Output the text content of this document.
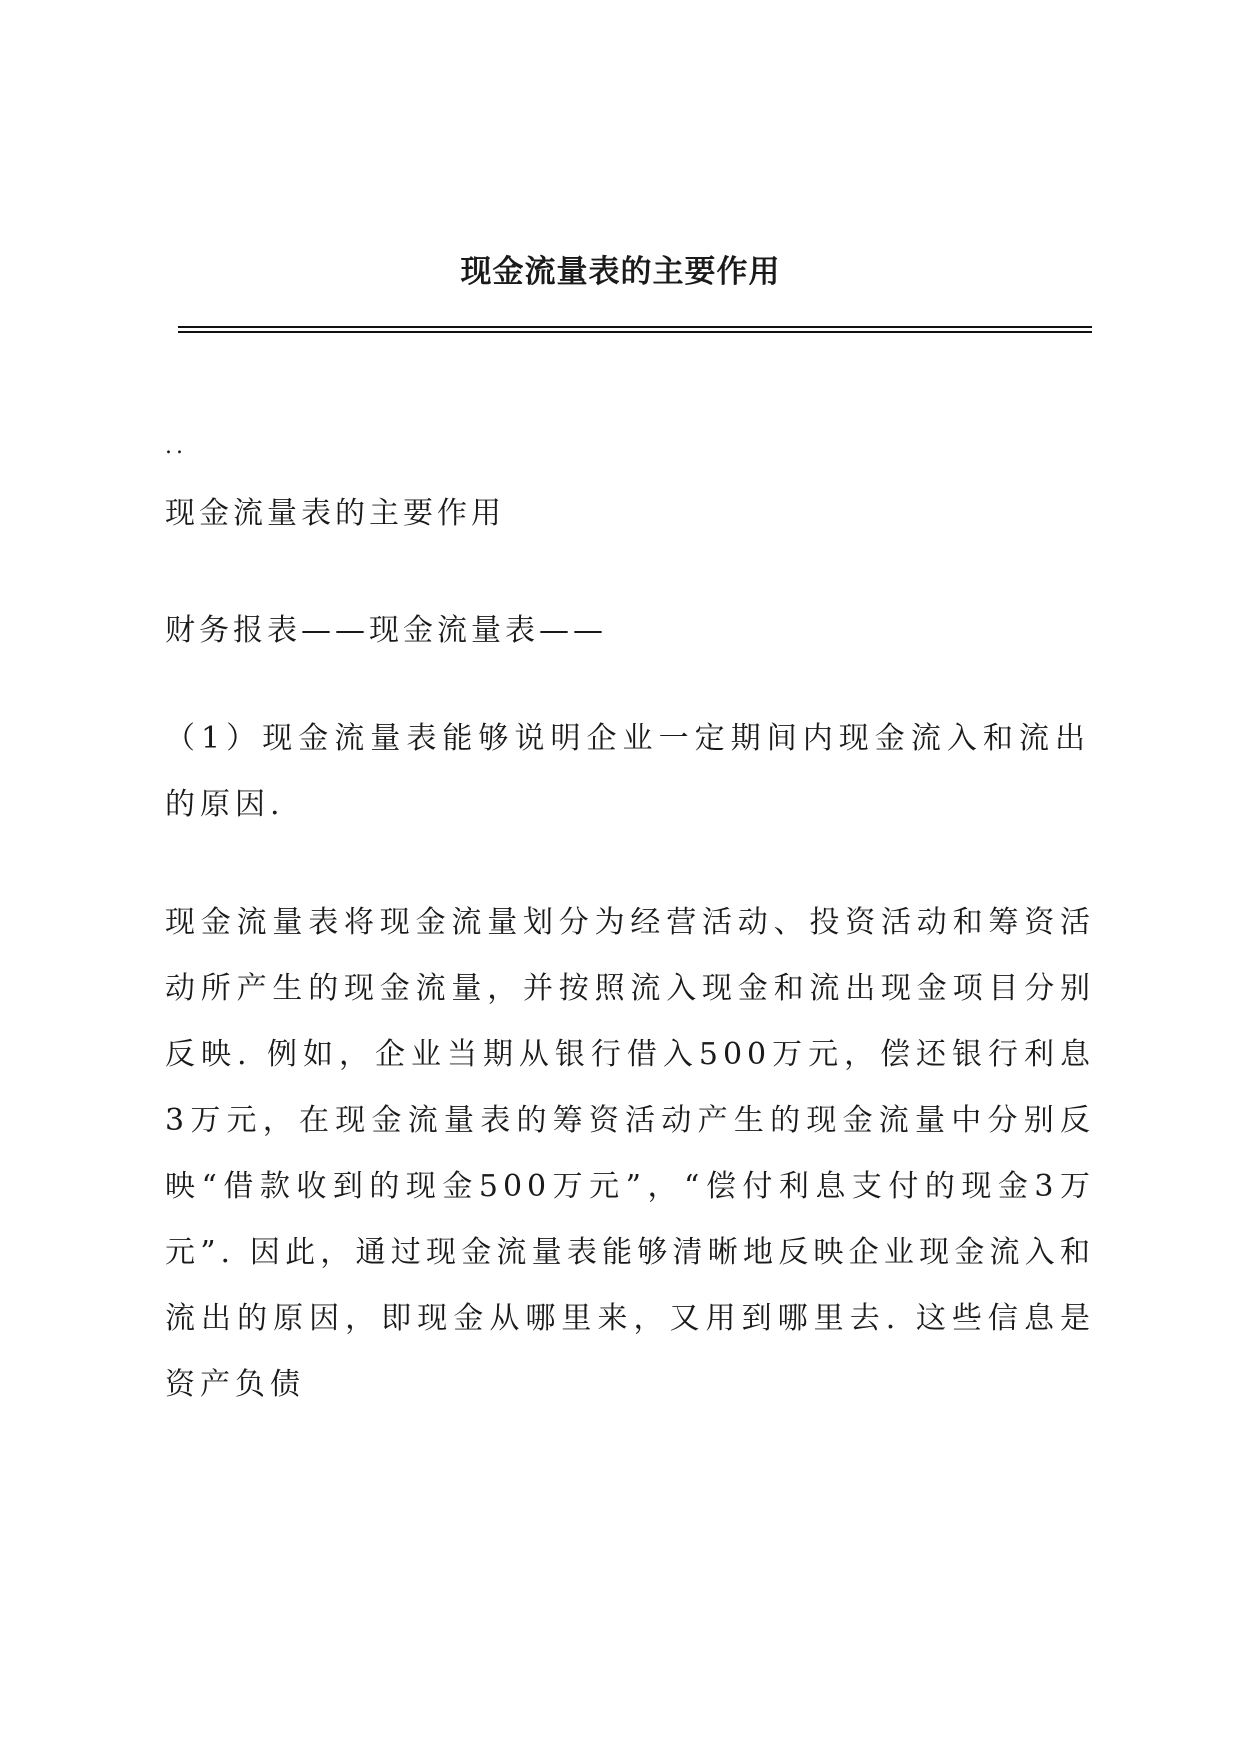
现金流量表的主要作用
..

现金流量表的主要作用

财务报表——现金流量表——

（1）现金流量表能够说明企业一定期间内现金流入和流出的原因.

现金流量表将现金流量划分为经营活动、投资活动和筹资活动所产生的现金流量，并按照流入现金和流出现金项目分别反映. 例如，企业当期从银行借入500万元，偿还银行利息3万元，在现金流量表的筹资活动产生的现金流量中分别反映“借款收到的现金500万元”，“偿付利息支付的现金3万元”. 因此，通过现金流量表能够清晰地反映企业现金流入和流出的原因，即现金从哪里来，又用到哪里去. 这些信息是资产负债
